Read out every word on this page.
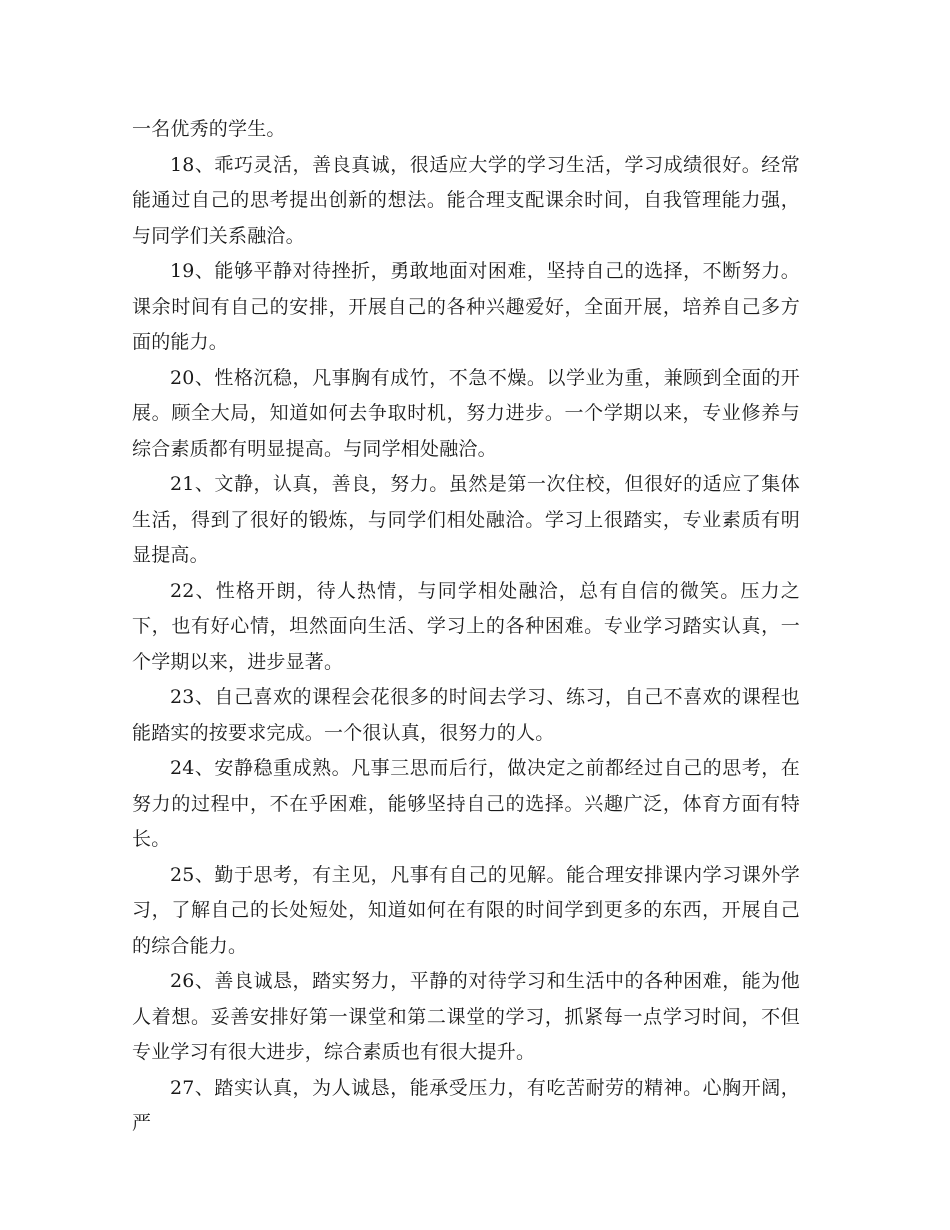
一名优秀的学生。

18、乖巧灵活，善良真诚，很适应大学的学习生活，学习成绩很好。经常能通过自己的思考提出创新的想法。能合理支配课余时间，自我管理能力强，与同学们关系融洽。

19、能够平静对待挫折，勇敢地面对困难，坚持自己的选择，不断努力。课余时间有自己的安排，开展自己的各种兴趣爱好，全面开展，培养自己多方面的能力。

20、性格沉稳，凡事胸有成竹，不急不燥。以学业为重，兼顾到全面的开展。顾全大局，知道如何去争取时机，努力进步。一个学期以来，专业修养与综合素质都有明显提高。与同学相处融洽。

21、文静，认真，善良，努力。虽然是第一次住校，但很好的适应了集体生活，得到了很好的锻炼，与同学们相处融洽。学习上很踏实，专业素质有明显提高。

22、性格开朗，待人热情，与同学相处融洽，总有自信的微笑。压力之下，也有好心情，坦然面向生活、学习上的各种困难。专业学习踏实认真，一个学期以来，进步显著。

23、自己喜欢的课程会花很多的时间去学习、练习，自己不喜欢的课程也能踏实的按要求完成。一个很认真，很努力的人。

24、安静稳重成熟。凡事三思而后行，做决定之前都经过自己的思考，在努力的过程中，不在乎困难，能够坚持自己的选择。兴趣广泛，体育方面有特长。

25、勤于思考，有主见，凡事有自己的见解。能合理安排课内学习课外学习，了解自己的长处短处，知道如何在有限的时间学到更多的东西，开展自己的综合能力。

26、善良诚恳，踏实努力，平静的对待学习和生活中的各种困难，能为他人着想。妥善安排好第一课堂和第二课堂的学习，抓紧每一点学习时间，不但专业学习有很大进步，综合素质也有很大提升。

27、踏实认真，为人诚恳，能承受压力，有吃苦耐劳的精神。心胸开阔，严
